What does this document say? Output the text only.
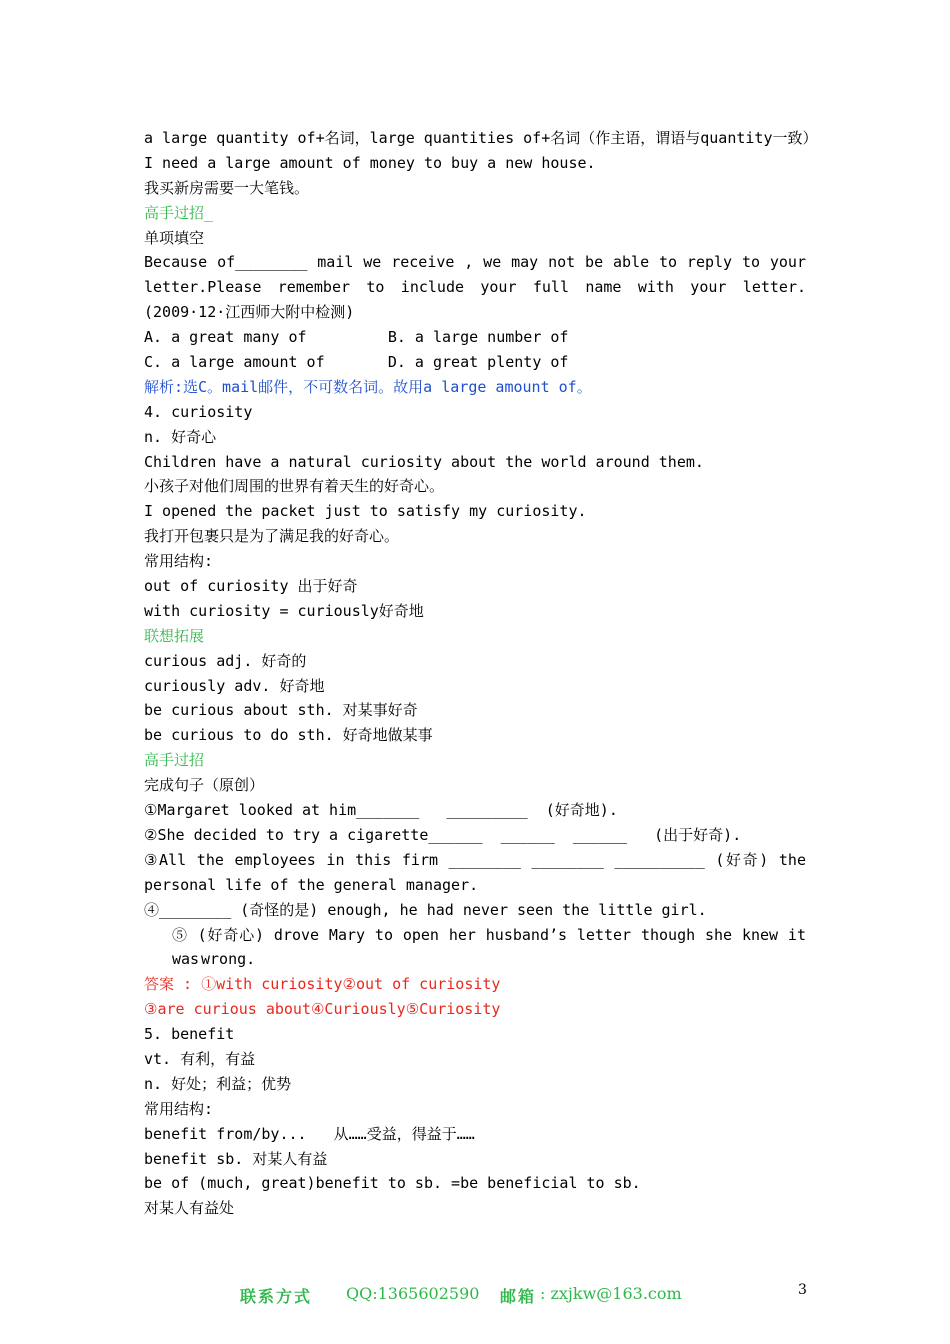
a large quantity of+名词，large quantities of+名词（作主语，谓语与quantity一致）
I need a large amount of money to buy a new house.
我买新房需要一大笔钱。
高手过招_
单项填空
Because of________ mail we receive , we may not be able to reply to your
letter.Please remember to include your full name with your letter.
(2009·12·江西师大附中检测)
A. a great many of         B. a large number of
C. a large amount of       D. a great plenty of
解析:选C。mail邮件，不可数名词。故用a large amount of。
4. curiosity
n. 好奇心
Children have a natural curiosity about the world around them.
小孩子对他们周围的世界有着天生的好奇心。
I opened the packet just to satisfy my curiosity.
我打开包裹只是为了满足我的好奇心。
常用结构:
out of curiosity 出于好奇
with curiosity = curiously好奇地
联想拓展
curious adj. 好奇的
curiously adv. 好奇地
be curious about sth. 对某事好奇
be curious to do sth. 好奇地做某事
高手过招
完成句子（原创）
①Margaret looked at him_______   _________  (好奇地).
②She decided to try a cigarette______  ______  ______   (出于好奇).
③All the employees in this firm ________ ________ __________ (好奇) the
personal life of the general manager.
④________ (奇怪的是) enough, he had never seen the little girl.
⑤ (好奇心) drove Mary to open her husband’s letter though she knew it was wrong.
答案 : ①with curiosity②out of curiosity
③are curious about④Curiously⑤Curiosity
5. benefit
vt. 有利，有益
n. 好处；利益；优势
常用结构:
benefit from/by...   从……受益，得益于……
benefit sb. 对某人有益
be of (much, great)benefit to sb. =be beneficial to sb.
对某人有益处
联系方式 QQ:1365602590 邮箱 : zxjkw@163.com	3
